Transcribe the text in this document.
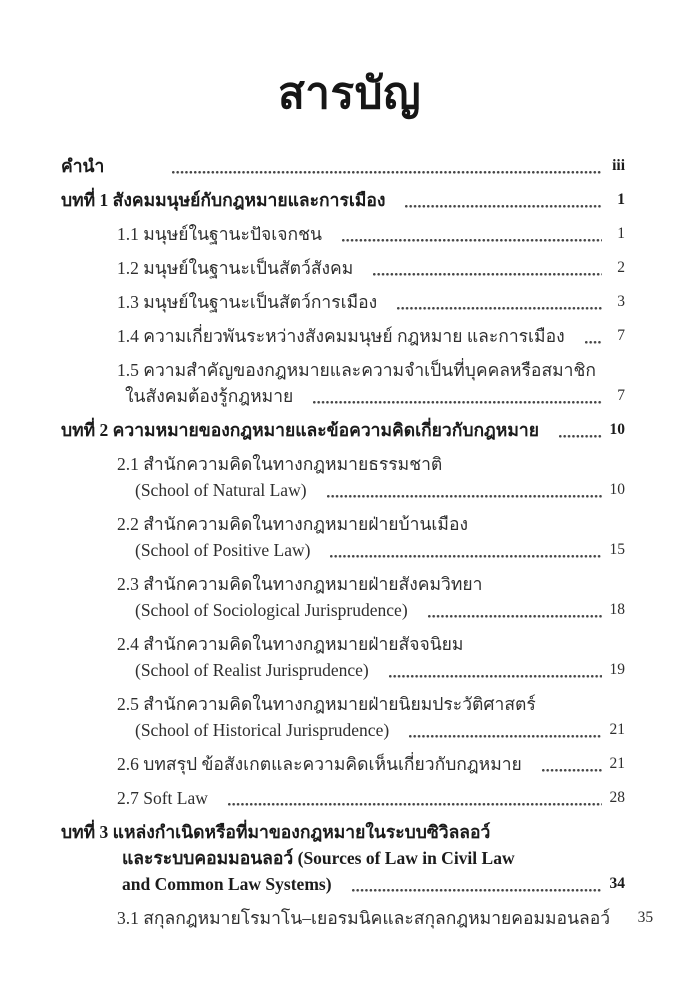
สารบัญ
คำนำ	iii
บทที่ 1 สังคมมนุษย์กับกฎหมายและการเมือง	1
1.1 มนุษย์ในฐานะปัจเจกชน	1
1.2 มนุษย์ในฐานะเป็นสัตว์สังคม	2
1.3 มนุษย์ในฐานะเป็นสัตว์การเมือง	3
1.4 ความเกี่ยวพันระหว่างสังคมมนุษย์ กฎหมาย และการเมือง	7
1.5 ความสำคัญของกฎหมายและความจำเป็นที่บุคคลหรือสมาชิก
ในสังคมต้องรู้กฎหมาย	7
บทที่ 2 ความหมายของกฎหมายและข้อความคิดเกี่ยวกับกฎหมาย	10
2.1 สำนักความคิดในทางกฎหมายธรรมชาติ
(School of Natural Law)	10
2.2 สำนักความคิดในทางกฎหมายฝ่ายบ้านเมือง
(School of Positive Law)	15
2.3 สำนักความคิดในทางกฎหมายฝ่ายสังคมวิทยา
(School of Sociological Jurisprudence)	18
2.4 สำนักความคิดในทางกฎหมายฝ่ายสัจจนิยม
(School of Realist Jurisprudence)	19
2.5 สำนักความคิดในทางกฎหมายฝ่ายนิยมประวัติศาสตร์
(School of Historical Jurisprudence)	21
2.6 บทสรุป ข้อสังเกตและความคิดเห็นเกี่ยวกับกฎหมาย	21
2.7 Soft Law	28
บทที่ 3 แหล่งกำเนิดหรือที่มาของกฎหมายในระบบซิวิลลอว์
และระบบคอมมอนลอว์ (Sources of Law in Civil Law
and Common Law Systems)	34
3.1 สกุลกฎหมายโรมาโน–เยอรมนิคและสกุลกฎหมายคอมมอนลอว์ 35
